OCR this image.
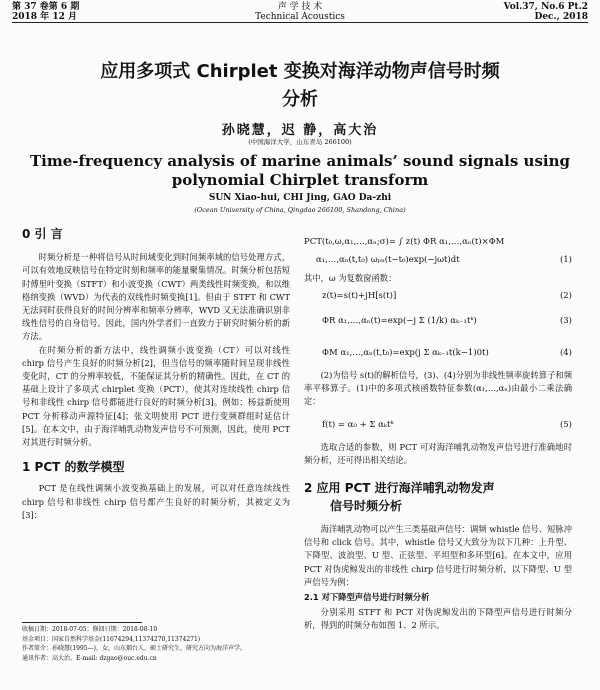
第 37 卷第 6 期
2018 年 12 月
声 学 技 术
Technical Acoustics
Vol.37, No.6 Pt.2
Dec., 2018
应用多项式 Chirplet 变换对海洋动物声信号时频
分析
孙晓慧，迟 静，高大治
(中国海洋大学，山东青岛 266100)
Time-frequency analysis of marine animals’ sound signals using
polynomial Chirplet transform
SUN Xiao-hui, CHI Jing, GAO Da-zhi
(Ocean University of China, Qingdao 266100, Shandong, China)
0 引 言

时频分析是一种将信号从时间域变化到时间频率域的信号处理方式，可以有效地反映信号在特定时刻和频率的能量聚集情况。时频分析包括短时傅里叶变换（STFT）和小波变换（CWT）两类线性时频变换，和以维格纳变换（WVD）为代表的双线性时频变换[1]。但由于 STFT 和 CWT 无法同时获得良好的时间分辨率和频率分辨率，WVD 又无法准确识别非线性信号的自身信号。因此，国内外学者们一直致力于研究时频分析的新方法。

在时频分析的新方法中，线性调频小波变换（CT）可以对线性 chirp 信号产生良好的时频分析[2]，但当信号的频率随时间呈现非线性变化时，CT 的分辨率较低，不能保证其分析的精确性。因此，在 CT 的基础上设计了多项式 chirplet 变换（PCT），使其对连续线性 chirp 信号和非线性 chirp 信号都能进行良好的时频分析[3]。例如：杨益新使用 PCT 分析移动声源特征[4]；张文明使用 PCT 进行变频群组时延估计[5]。在本文中，由于海洋哺乳动物发声信号不可预测，因此，使用 PCT 对其进行时频分析。

1 PCT 的数学模型

PCT 是在线性调频小波变换基础上的发展，可以对任意连续线性 chirp 信号和非线性 chirp 信号都产生良好的时频分析，其被定义为[3]：

收稿日期：2018-07-05；修回日期：2018-08-10
基金项目：国家自然科学基金(11674294,11374270,11374271)
作者简介：孙晓慧(1995—)，女，山东烟台人，硕士研究生，研究方向为海洋声学。
通讯作者：高大治，E-mail: dzgao@ouc.edu.cn
PCT(t₀,ω,α₁,…,αₙ;σ)= ∫ z(t) ΦR α₁,…,αₙ(t)×ΦM
α₁,…,αₙ(t,t₀) ωₚₙ(t−t₀)exp(−jωt)dt	(1)
其中，ω 为复数窗函数：
z(t)=s(t)+jH[s(t)]	(2)
ΦR α₁,…,αₙ(t)=exp(−j Σ (1/k) αₖ₋₁tᵏ)	(3)
ΦM α₁,…,αₙ(t,t₀)=exp(j Σ αₖ₋₁t(k−1)0t)	(4)

(2)为信号 s(t)的解析信号，(3)、(4)分别为非线性频率旋转算子和频率平移算子。(1)中的多项式核函数特征参数(α₁,…,αₙ)由最小二乘法确定：

f(t) = α₀ + Σ αₖtᵏ	(5)

选取合适的参数，则 PCT 可对海洋哺乳动物发声信号进行准确地时频分析，还可得出相关结论。

2 应用 PCT 进行海洋哺乳动物发声
信号时频分析

海洋哺乳动物可以产生三类基础声信号：调频 whistle 信号、短脉冲信号和 click 信号。其中，whistle 信号又大致分为以下几种：上升型、下降型、波浪型、U 型、正弦型、平坦型和多环型[6]。在本文中，应用 PCT 对伪虎鲸发出的非线性 chirp 信号进行时频分析，以下降型、U 型声信号为例：

2.1 对下降型声信号进行时频分析

分别采用 STFT 和 PCT 对伪虎鲸发出的下降型声信号进行时频分析，得到的时频分布如图 1、2 所示。
